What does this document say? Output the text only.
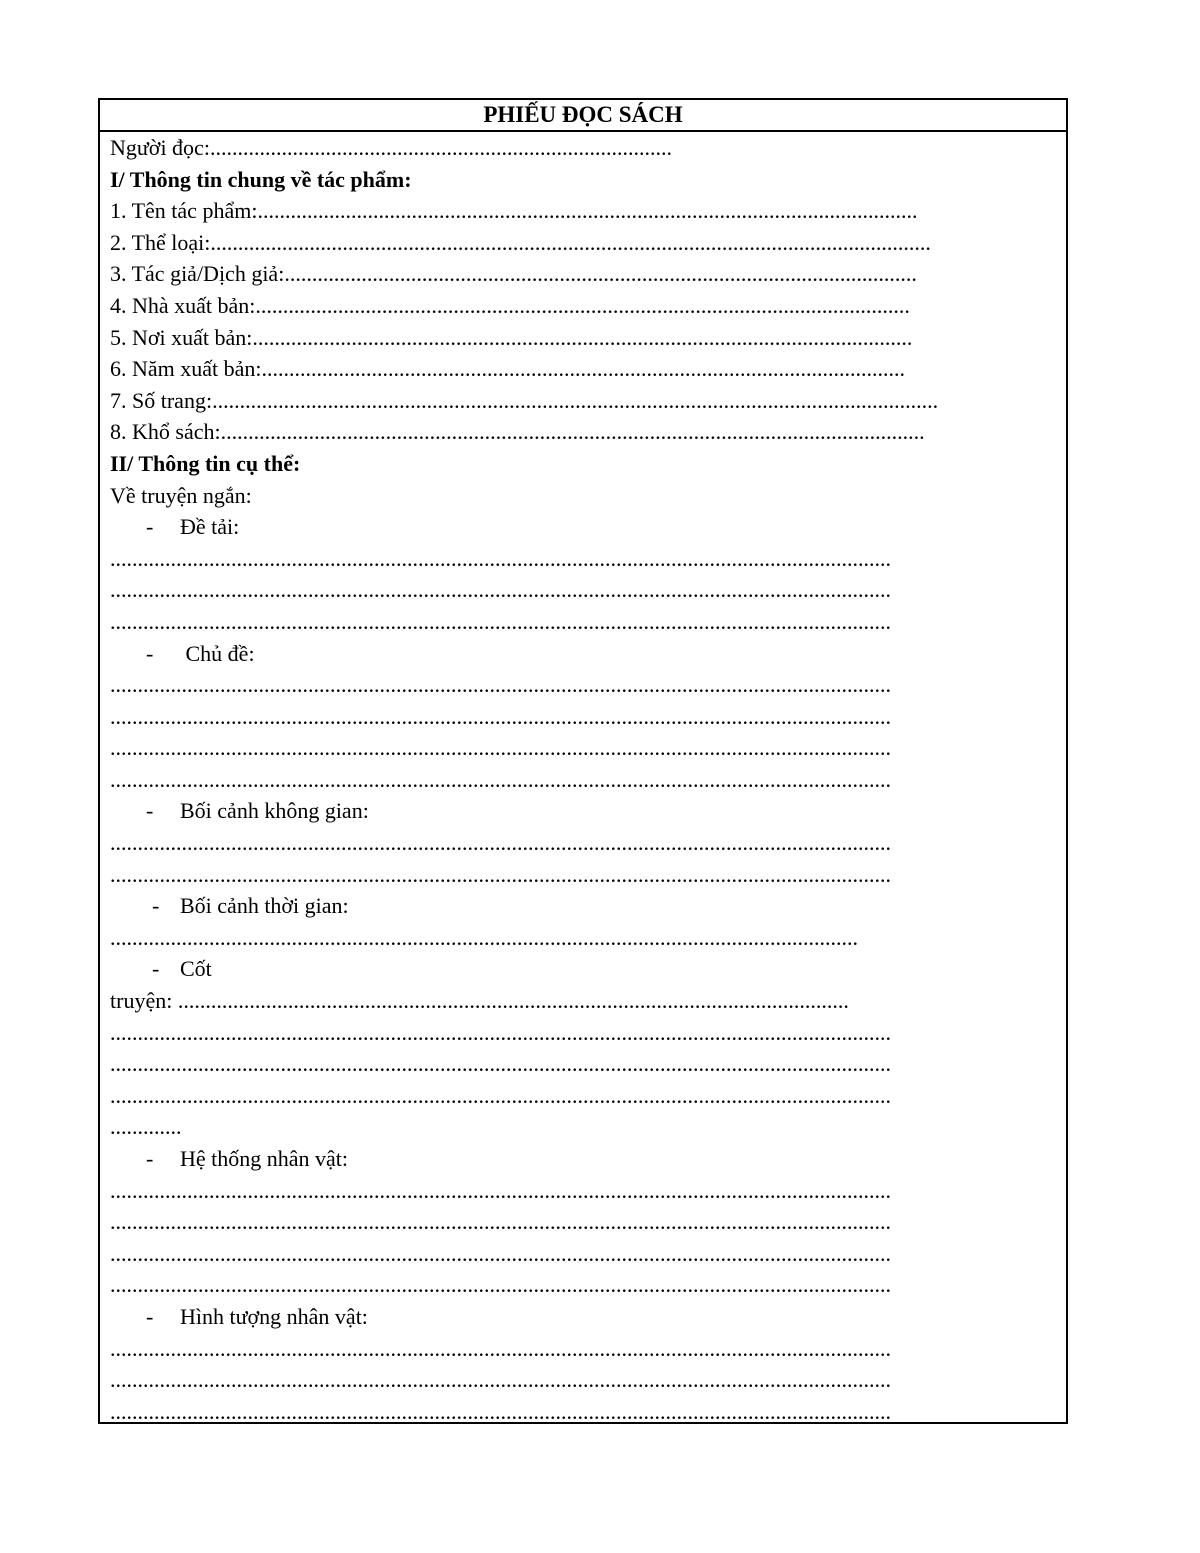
PHIẾU ĐỌC SÁCH
Người đọc:....................................................................................
I/ Thông tin chung về tác phẩm:
1. Tên tác phẩm:........................................................................................................................
2. Thể loại:...................................................................................................................................
3. Tác giả/Dịch giả:...................................................................................................................
4. Nhà xuất bản:.......................................................................................................................
5. Nơi xuất bản:........................................................................................................................
6. Năm xuất bản:.....................................................................................................................
7. Số trang:....................................................................................................................................
8. Khổ sách:................................................................................................................................
II/ Thông tin cụ thể:
Về truyện ngắn:
- Đề tải:
..............................................................................................................................................
..............................................................................................................................................
..............................................................................................................................................
- Chủ đề:
..............................................................................................................................................
..............................................................................................................................................
..............................................................................................................................................
..............................................................................................................................................
- Bối cảnh không gian:
..............................................................................................................................................
..............................................................................................................................................
- Bối cảnh thời gian:
........................................................................................................................................
- Cốt
truyện: ..........................................................................................................................
..............................................................................................................................................
..............................................................................................................................................
..............................................................................................................................................
.............
- Hệ thống nhân vật:
..............................................................................................................................................
..............................................................................................................................................
..............................................................................................................................................
..............................................................................................................................................
- Hình tượng nhân vật:
..............................................................................................................................................
..............................................................................................................................................
..............................................................................................................................................
